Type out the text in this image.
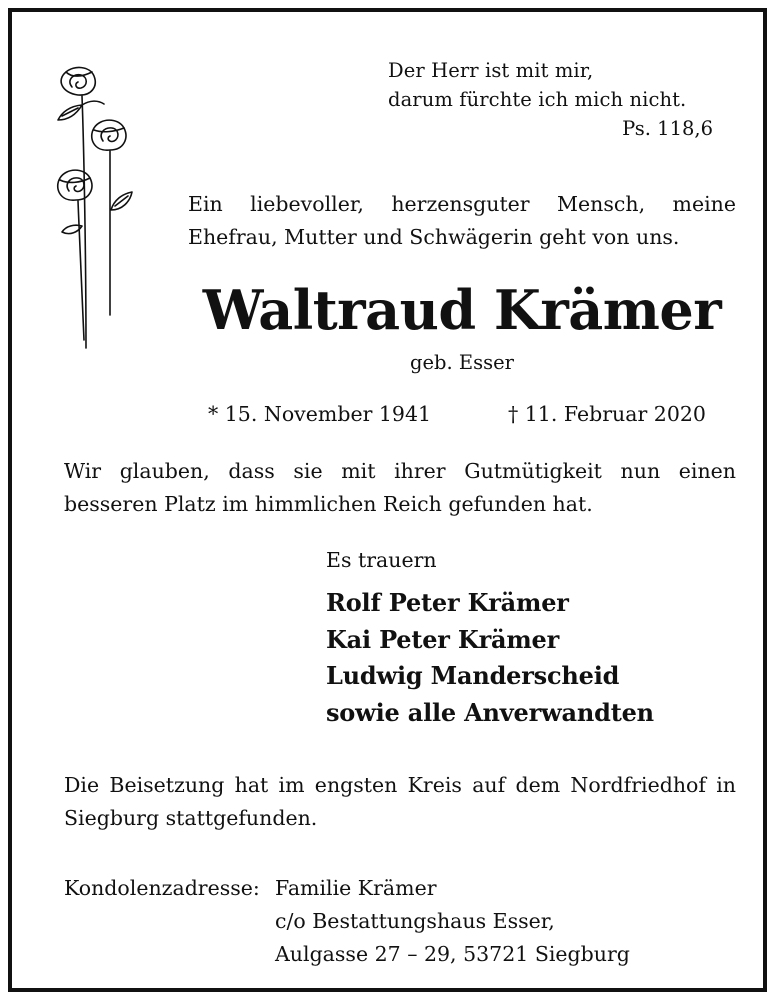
Der Herr ist mit mir,
darum fürchte ich mich nicht.
Ps. 118,6
Ein liebevoller, herzensguter Mensch, meine
Ehefrau, Mutter und Schwägerin geht von uns.
Waltraud Krämer
geb. Esser
* 15. November 1941	† 11. Februar 2020
Wir glauben, dass sie mit ihrer Gutmütigkeit nun einen
besseren Platz im himmlichen Reich gefunden hat.
Es trauern
Rolf Peter Krämer
Kai Peter Krämer
Ludwig Manderscheid
sowie alle Anverwandten
Die Beisetzung hat im engsten Kreis auf dem Nordfriedhof in
Siegburg stattgefunden.
Kondolenzadresse: Familie Krämer
c/o Bestattungshaus Esser,
Aulgasse 27 – 29, 53721 Siegburg
